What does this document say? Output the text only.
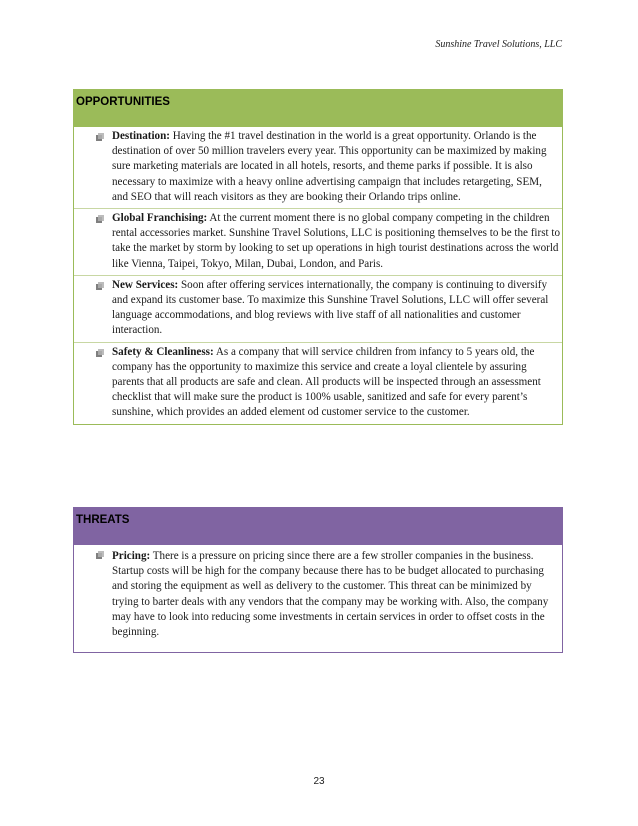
Sunshine Travel Solutions, LLC
OPPORTUNITIES
Destination: Having the #1 travel destination in the world is a great opportunity. Orlando is the destination of over 50 million travelers every year. This opportunity can be maximized by making sure marketing materials are located in all hotels, resorts, and theme parks if possible. It is also necessary to maximize with a heavy online advertising campaign that includes retargeting, SEM, and SEO that will reach visitors as they are booking their Orlando trips online.
Global Franchising: At the current moment there is no global company competing in the children rental accessories market. Sunshine Travel Solutions, LLC is positioning themselves to be the first to take the market by storm by looking to set up operations in high tourist destinations across the world like Vienna, Taipei, Tokyo, Milan, Dubai, London, and Paris.
New Services: Soon after offering services internationally, the company is continuing to diversify and expand its customer base. To maximize this Sunshine Travel Solutions, LLC will offer several language accommodations, and blog reviews with live staff of all nationalities and customer interaction.
Safety & Cleanliness: As a company that will service children from infancy to 5 years old, the company has the opportunity to maximize this service and create a loyal clientele by assuring parents that all products are safe and clean. All products will be inspected through an assessment checklist that will make sure the product is 100% usable, sanitized and safe for every parent’s sunshine, which provides an added element od customer service to the customer.
THREATS
Pricing: There is a pressure on pricing since there are a few stroller companies in the business. Startup costs will be high for the company because there has to be budget allocated to purchasing and storing the equipment as well as delivery to the customer. This threat can be minimized by trying to barter deals with any vendors that the company may be working with. Also, the company may have to look into reducing some investments in certain services in order to offset costs in the beginning.
23
